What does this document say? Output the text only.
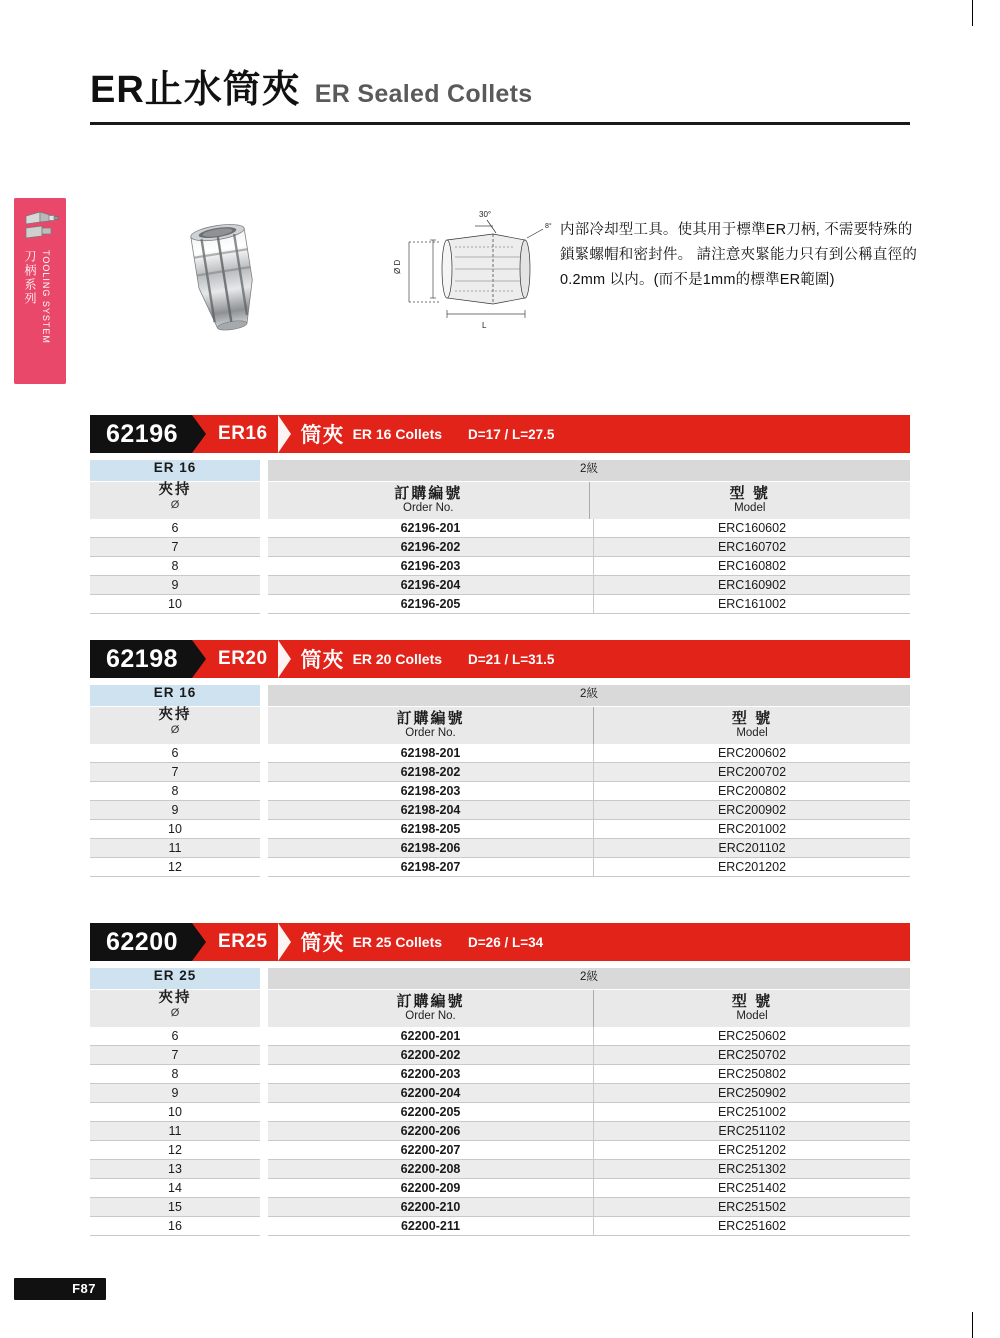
ER止水筒夾 ER Sealed Collets
刀柄系列 TOOLING SYSTEM
30°
8°
Ø D
L
内部冷却型工具。使其用于標準ER刀柄, 不需要特殊的鎖緊螺帽和密封件。 請注意夾緊能力只有到公稱直徑的0.2mm 以内。(而不是1mm的標準ER範圍)
62196	ER16	筒夾 ER 16 Collets	D=17 / L=27.5
ER 16
夾持
Ø
2級
訂購編號
Order No.
型 號
Model
6	62196-201	ERC160602
7	62196-202	ERC160702
8	62196-203	ERC160802
9	62196-204	ERC160902
10	62196-205	ERC161002
62198	ER20	筒夾 ER 20 Collets	D=21 / L=31.5
ER 16
夾持
Ø
2級
訂購編號
Order No.
型 號
Model
6	62198-201	ERC200602
7	62198-202	ERC200702
8	62198-203	ERC200802
9	62198-204	ERC200902
10	62198-205	ERC201002
11	62198-206	ERC201102
12	62198-207	ERC201202
62200	ER25	筒夾 ER 25 Collets	D=26 / L=34
ER 25
夾持
Ø
2級
訂購編號
Order No.
型 號
Model
6	62200-201	ERC250602
7	62200-202	ERC250702
8	62200-203	ERC250802
9	62200-204	ERC250902
10	62200-205	ERC251002
11	62200-206	ERC251102
12	62200-207	ERC251202
13	62200-208	ERC251302
14	62200-209	ERC251402
15	62200-210	ERC251502
16	62200-211	ERC251602
F87
